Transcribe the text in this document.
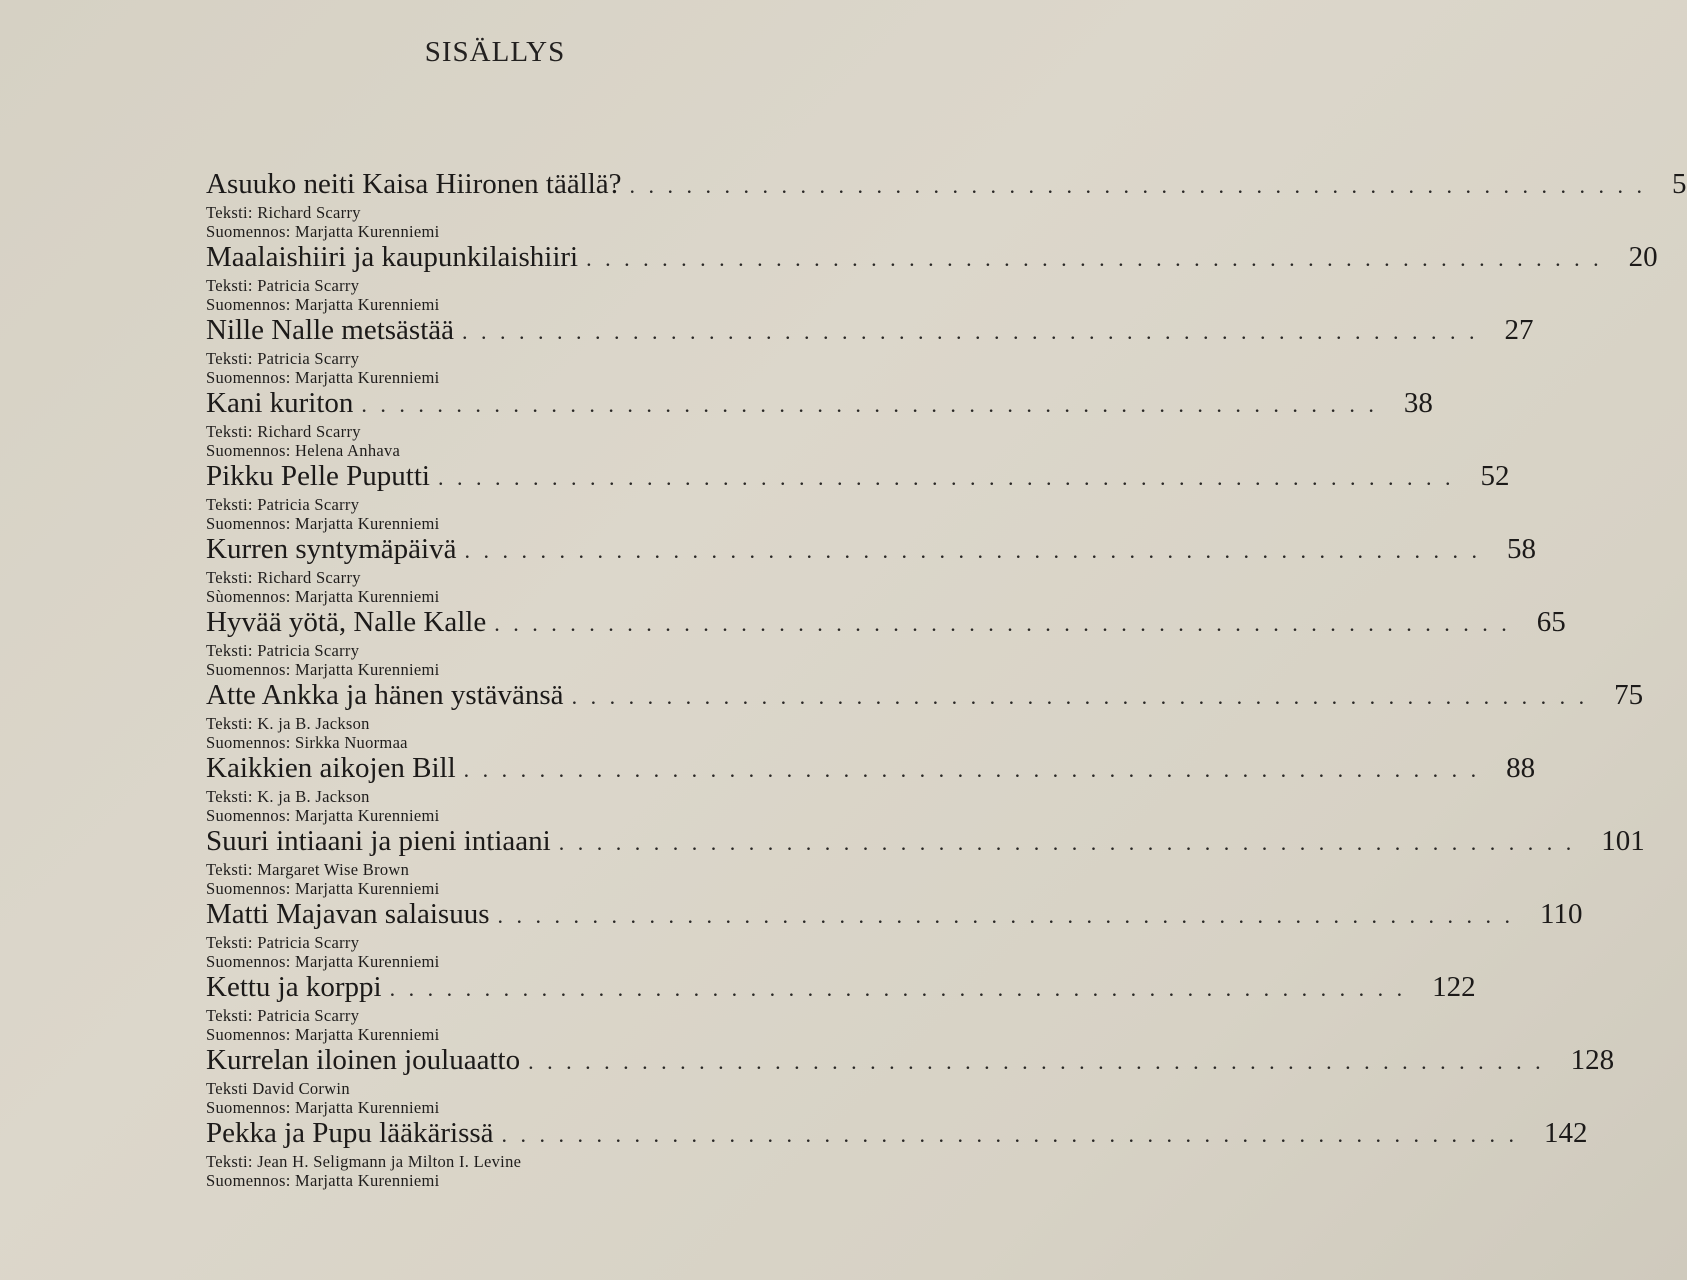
SISÄLLYS
Asuuko neiti Kaisa Hiironen täällä? . . . . . . . . . . . . . . . . . . . . . . . . . . . . . . . . . . . . . . . . . . . . . . . . . . . . . . 5
Teksti: Richard Scarry
Suomennos: Marjatta Kurenniemi
Maalaishiiri ja kaupunkilaishiiri . . . . . . . . . . . . . . . . . . . . . . . . . . . . . . . . . . . . . . . . . . . . . . . . . . . . . . 20
Teksti: Patricia Scarry
Suomennos: Marjatta Kurenniemi
Nille Nalle metsästää . . . . . . . . . . . . . . . . . . . . . . . . . . . . . . . . . . . . . . . . . . . . . . . . . . . . . . 27
Teksti: Patricia Scarry
Suomennos: Marjatta Kurenniemi
Kani kuriton . . . . . . . . . . . . . . . . . . . . . . . . . . . . . . . . . . . . . . . . . . . . . . . . . . . . . . 38
Teksti: Richard Scarry
Suomennos: Helena Anhava
Pikku Pelle Puputti . . . . . . . . . . . . . . . . . . . . . . . . . . . . . . . . . . . . . . . . . . . . . . . . . . . . . . 52
Teksti: Patricia Scarry
Suomennos: Marjatta Kurenniemi
Kurren syntymäpäivä . . . . . . . . . . . . . . . . . . . . . . . . . . . . . . . . . . . . . . . . . . . . . . . . . . . . . . 58
Teksti: Richard Scarry
Sùomennos: Marjatta Kurenniemi
Hyvää yötä, Nalle Kalle . . . . . . . . . . . . . . . . . . . . . . . . . . . . . . . . . . . . . . . . . . . . . . . . . . . . . . 65
Teksti: Patricia Scarry
Suomennos: Marjatta Kurenniemi
Atte Ankka ja hänen ystävänsä . . . . . . . . . . . . . . . . . . . . . . . . . . . . . . . . . . . . . . . . . . . . . . . . . . . . . . 75
Teksti: K. ja B. Jackson
Suomennos: Sirkka Nuormaa
Kaikkien aikojen Bill . . . . . . . . . . . . . . . . . . . . . . . . . . . . . . . . . . . . . . . . . . . . . . . . . . . . . . 88
Teksti: K. ja B. Jackson
Suomennos: Marjatta Kurenniemi
Suuri intiaani ja pieni intiaani . . . . . . . . . . . . . . . . . . . . . . . . . . . . . . . . . . . . . . . . . . . . . . . . . . . . . . 101
Teksti: Margaret Wise Brown
Suomennos: Marjatta Kurenniemi
Matti Majavan salaisuus . . . . . . . . . . . . . . . . . . . . . . . . . . . . . . . . . . . . . . . . . . . . . . . . . . . . . . 110
Teksti: Patricia Scarry
Suomennos: Marjatta Kurenniemi
Kettu ja korppi . . . . . . . . . . . . . . . . . . . . . . . . . . . . . . . . . . . . . . . . . . . . . . . . . . . . . . 122
Teksti: Patricia Scarry
Suomennos: Marjatta Kurenniemi
Kurrelan iloinen jouluaatto . . . . . . . . . . . . . . . . . . . . . . . . . . . . . . . . . . . . . . . . . . . . . . . . . . . . . . 128
Teksti David Corwin
Suomennos: Marjatta Kurenniemi
Pekka ja Pupu lääkärissä . . . . . . . . . . . . . . . . . . . . . . . . . . . . . . . . . . . . . . . . . . . . . . . . . . . . . . 142
Teksti: Jean H. Seligmann ja Milton I. Levine
Suomennos: Marjatta Kurenniemi
